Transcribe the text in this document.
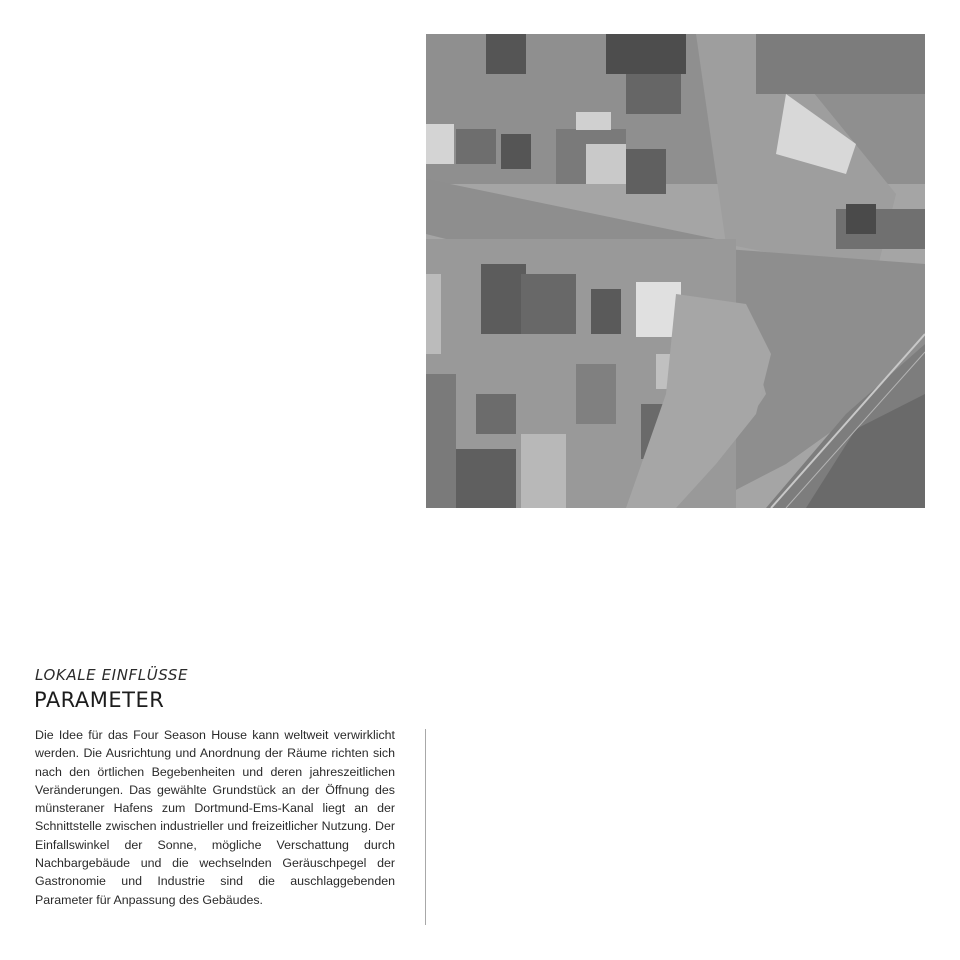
LOKALE EINFLÜSSE
PARAMETER
Die Idee für das Four Season House kann weltweit verwirklicht werden. Die Ausrichtung und Anordnung der Räume richten sich nach den örtlichen Begebenheiten und deren jahreszeitlichen Veränderungen. Das gewählte Grundstück an der Öffnung des münsteraner Hafens zum Dortmund-Ems-Kanal liegt an der Schnittstelle zwischen industrieller und freizeitlicher Nutzung. Der Einfallswinkel der Sonne, mögliche Verschattung durch Nachbargebäude und die wechselnden Geräuschpegel der Gastronomie und Industrie sind die auschlaggebenden Parameter für Anpassung des Gebäudes.
